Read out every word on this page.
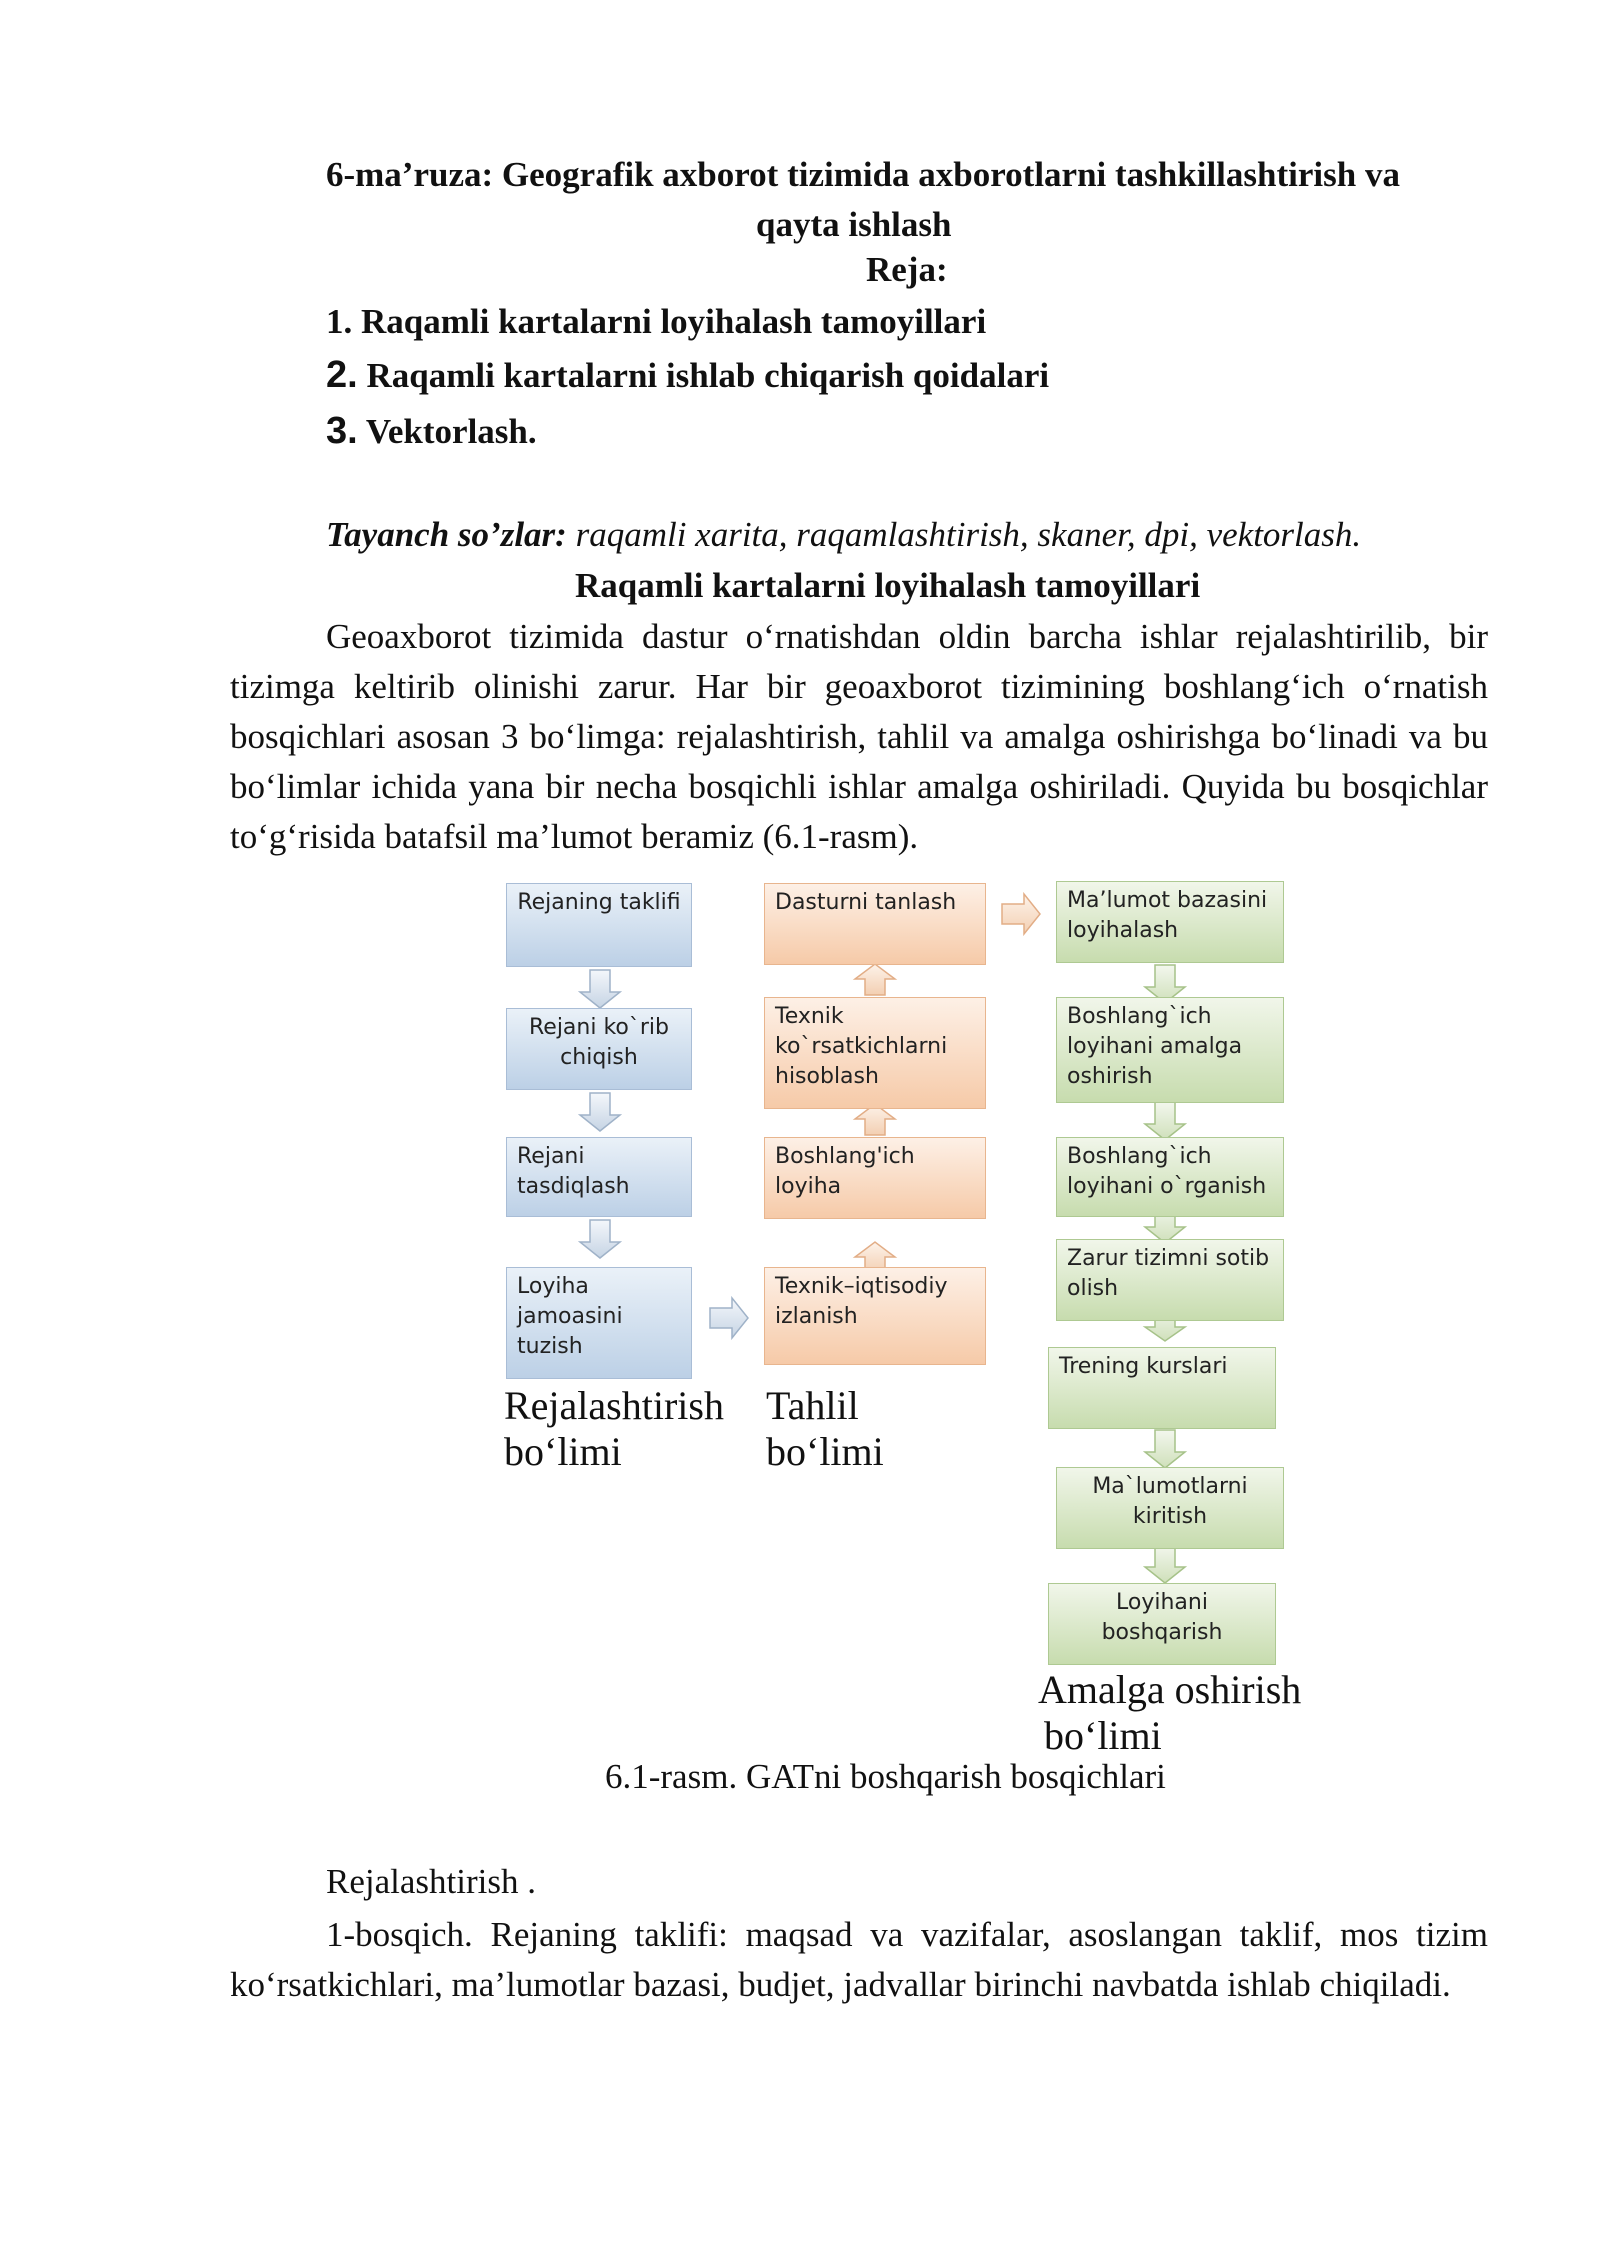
6-ma’ruza: Geografik axborot tizimida axborotlarni tashkillashtirish va
qayta ishlash
Reja:
1. Raqamli kartalarni loyihalash tamoyillari
2. Raqamli kartalarni ishlab chiqarish qoidalari
3. Vektorlash.
Tayanch so’zlar: raqamli xarita, raqamlashtirish, skaner, dpi, vektorlash.
Raqamli kartalarni loyihalash tamoyillari

Geoaxborot tizimida dastur o‘rnatishdan oldin barcha ishlar rejalashtirilib, bir tizimga keltirib olinishi zarur. Har bir geoaxborot tizimining boshlang‘ich o‘rnatish bosqichlari asosan 3 bo‘limga: rejalashtirish, tahlil va amalga oshirishga bo‘linadi va bu bo‘limlar ichida yana bir necha bosqichli ishlar amalga oshiriladi. Quyida bu bosqichlar to‘g‘risida batafsil ma’lumot beramiz (6.1-rasm).

Rejaning taklifi
Rejani ko`rib chiqish
Rejani tasdiqlash
Loyiha jamoasini tuzish
Dasturni tanlash
Texnik ko`rsatkichlarni hisoblash
Boshlang'ich loyiha
Texnik–iqtisodiy izlanish
Ma’lumot bazasini loyihalash
Boshlang`ich loyihani amalga oshirish
Boshlang`ich loyihani o`rganish
Zarur tizimni sotib olish
Trening kurslari
Ma`lumotlarni kiritish
Loyihani boshqarish
Rejalashtirish
bo‘limi
Tahlil
bo‘limi
Amalga oshirish
bo‘limi
6.1-rasm. GATni boshqarish bosqichlari
Rejalashtirish .

1-bosqich. Rejaning taklifi: maqsad va vazifalar, asoslangan taklif, mos tizim ko‘rsatkichlari, ma’lumotlar bazasi, budjet, jadvallar birinchi navbatda ishlab chiqiladi.
